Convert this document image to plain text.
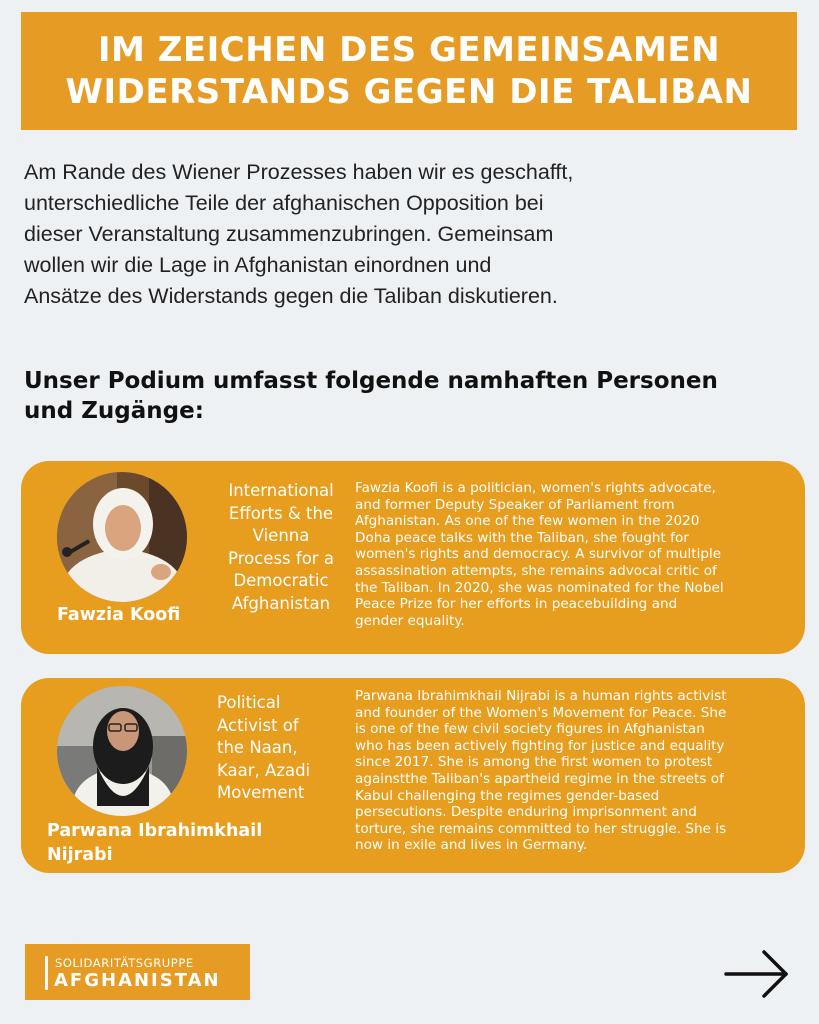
IM ZEICHEN DES GEMEINSAMEN
WIDERSTANDS GEGEN DIE TALIBAN
Am Rande des Wiener Prozesses haben wir es geschafft,
unterschiedliche Teile der afghanischen Opposition bei
dieser Veranstaltung zusammenzubringen. Gemeinsam
wollen wir die Lage in Afghanistan einordnen und
Ansätze des Widerstands gegen die Taliban diskutieren.
Unser Podium umfasst folgende namhaften Personen
und Zugänge:
Fawzia Koofi
International
Efforts & the
Vienna
Process for a
Democratic
Afghanistan
Fawzia Koofi is a politician, women's rights advocate,
and former Deputy Speaker of Parliament from
Afghanistan. As one of the few women in the 2020
Doha peace talks with the Taliban, she fought for
women's rights and democracy. A survivor of multiple
assassination attempts, she remains advocal critic of
the Taliban. In 2020, she was nominated for the Nobel
Peace Prize for her efforts in peacebuilding and
gender equality.
Parwana Ibrahimkhail
Nijrabi
Political
Activist of
the Naan,
Kaar, Azadi
Movement
Parwana Ibrahimkhail Nijrabi is a human rights activist
and founder of the Women's Movement for Peace. She
is one of the few civil society figures in Afghanistan
who has been actively fighting for justice and equality
since 2017. She is among the first women to protest
againstthe Taliban's apartheid regime in the streets of
Kabul challenging the regimes gender-based
persecutions. Despite enduring imprisonment and
torture, she remains committed to her struggle. She is
now in exile and lives in Germany.
SOLIDARITÄTSGRUPPE
AFGHANISTAN
